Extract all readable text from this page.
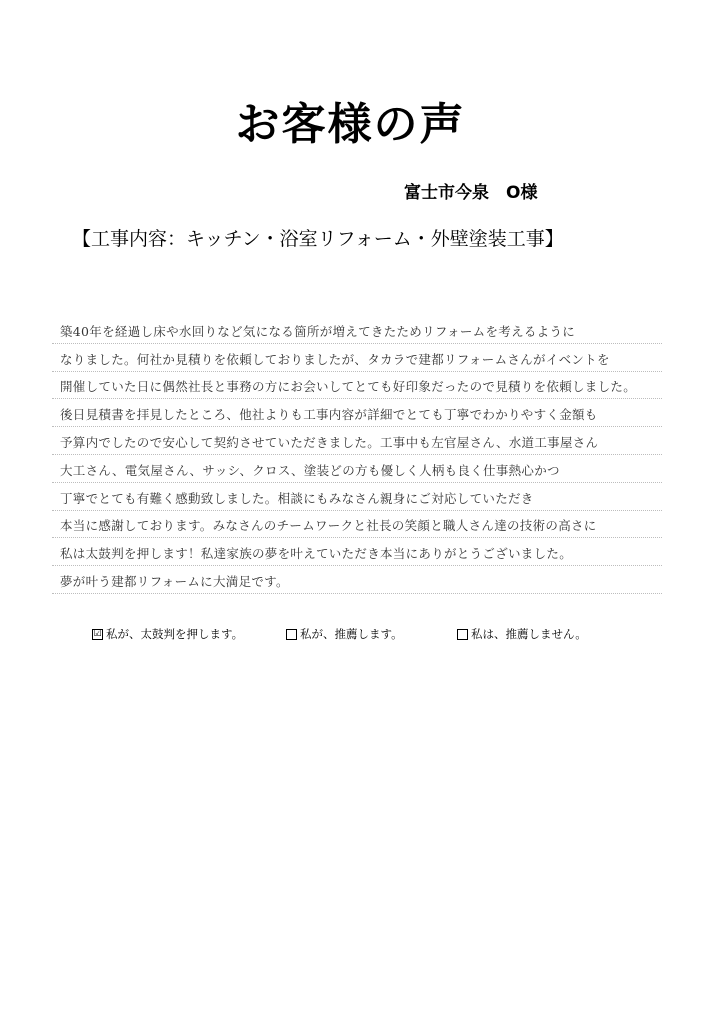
お客様の声
富士市今泉　O様
【工事内容：キッチン・浴室リフォーム・外壁塗装工事】
築40年を経過し床や水回りなど気になる箇所が増えてきたためリフォームを考えるように
なりました。何社か見積りを依頼しておりましたが、タカラで建都リフォームさんがイベントを
開催していた日に偶然社長と事務の方にお会いしてとても好印象だったので見積りを依頼しました。
後日見積書を拝見したところ、他社よりも工事内容が詳細でとても丁寧でわかりやすく金額も
予算内でしたので安心して契約させていただきました。工事中も左官屋さん、水道工事屋さん
大工さん、電気屋さん、サッシ、クロス、塗装どの方も優しく人柄も良く仕事熱心かつ
丁寧でとても有難く感動致しました。相談にもみなさん親身にご対応していただき
本当に感謝しております。みなさんのチームワークと社長の笑顔と職人さん達の技術の高さに
私は太鼓判を押します！私達家族の夢を叶えていただき本当にありがとうございました。
夢が叶う建都リフォームに大満足です。
☑ 私が、太鼓判を押します。	私が、推薦します。	私は、推薦しません。
